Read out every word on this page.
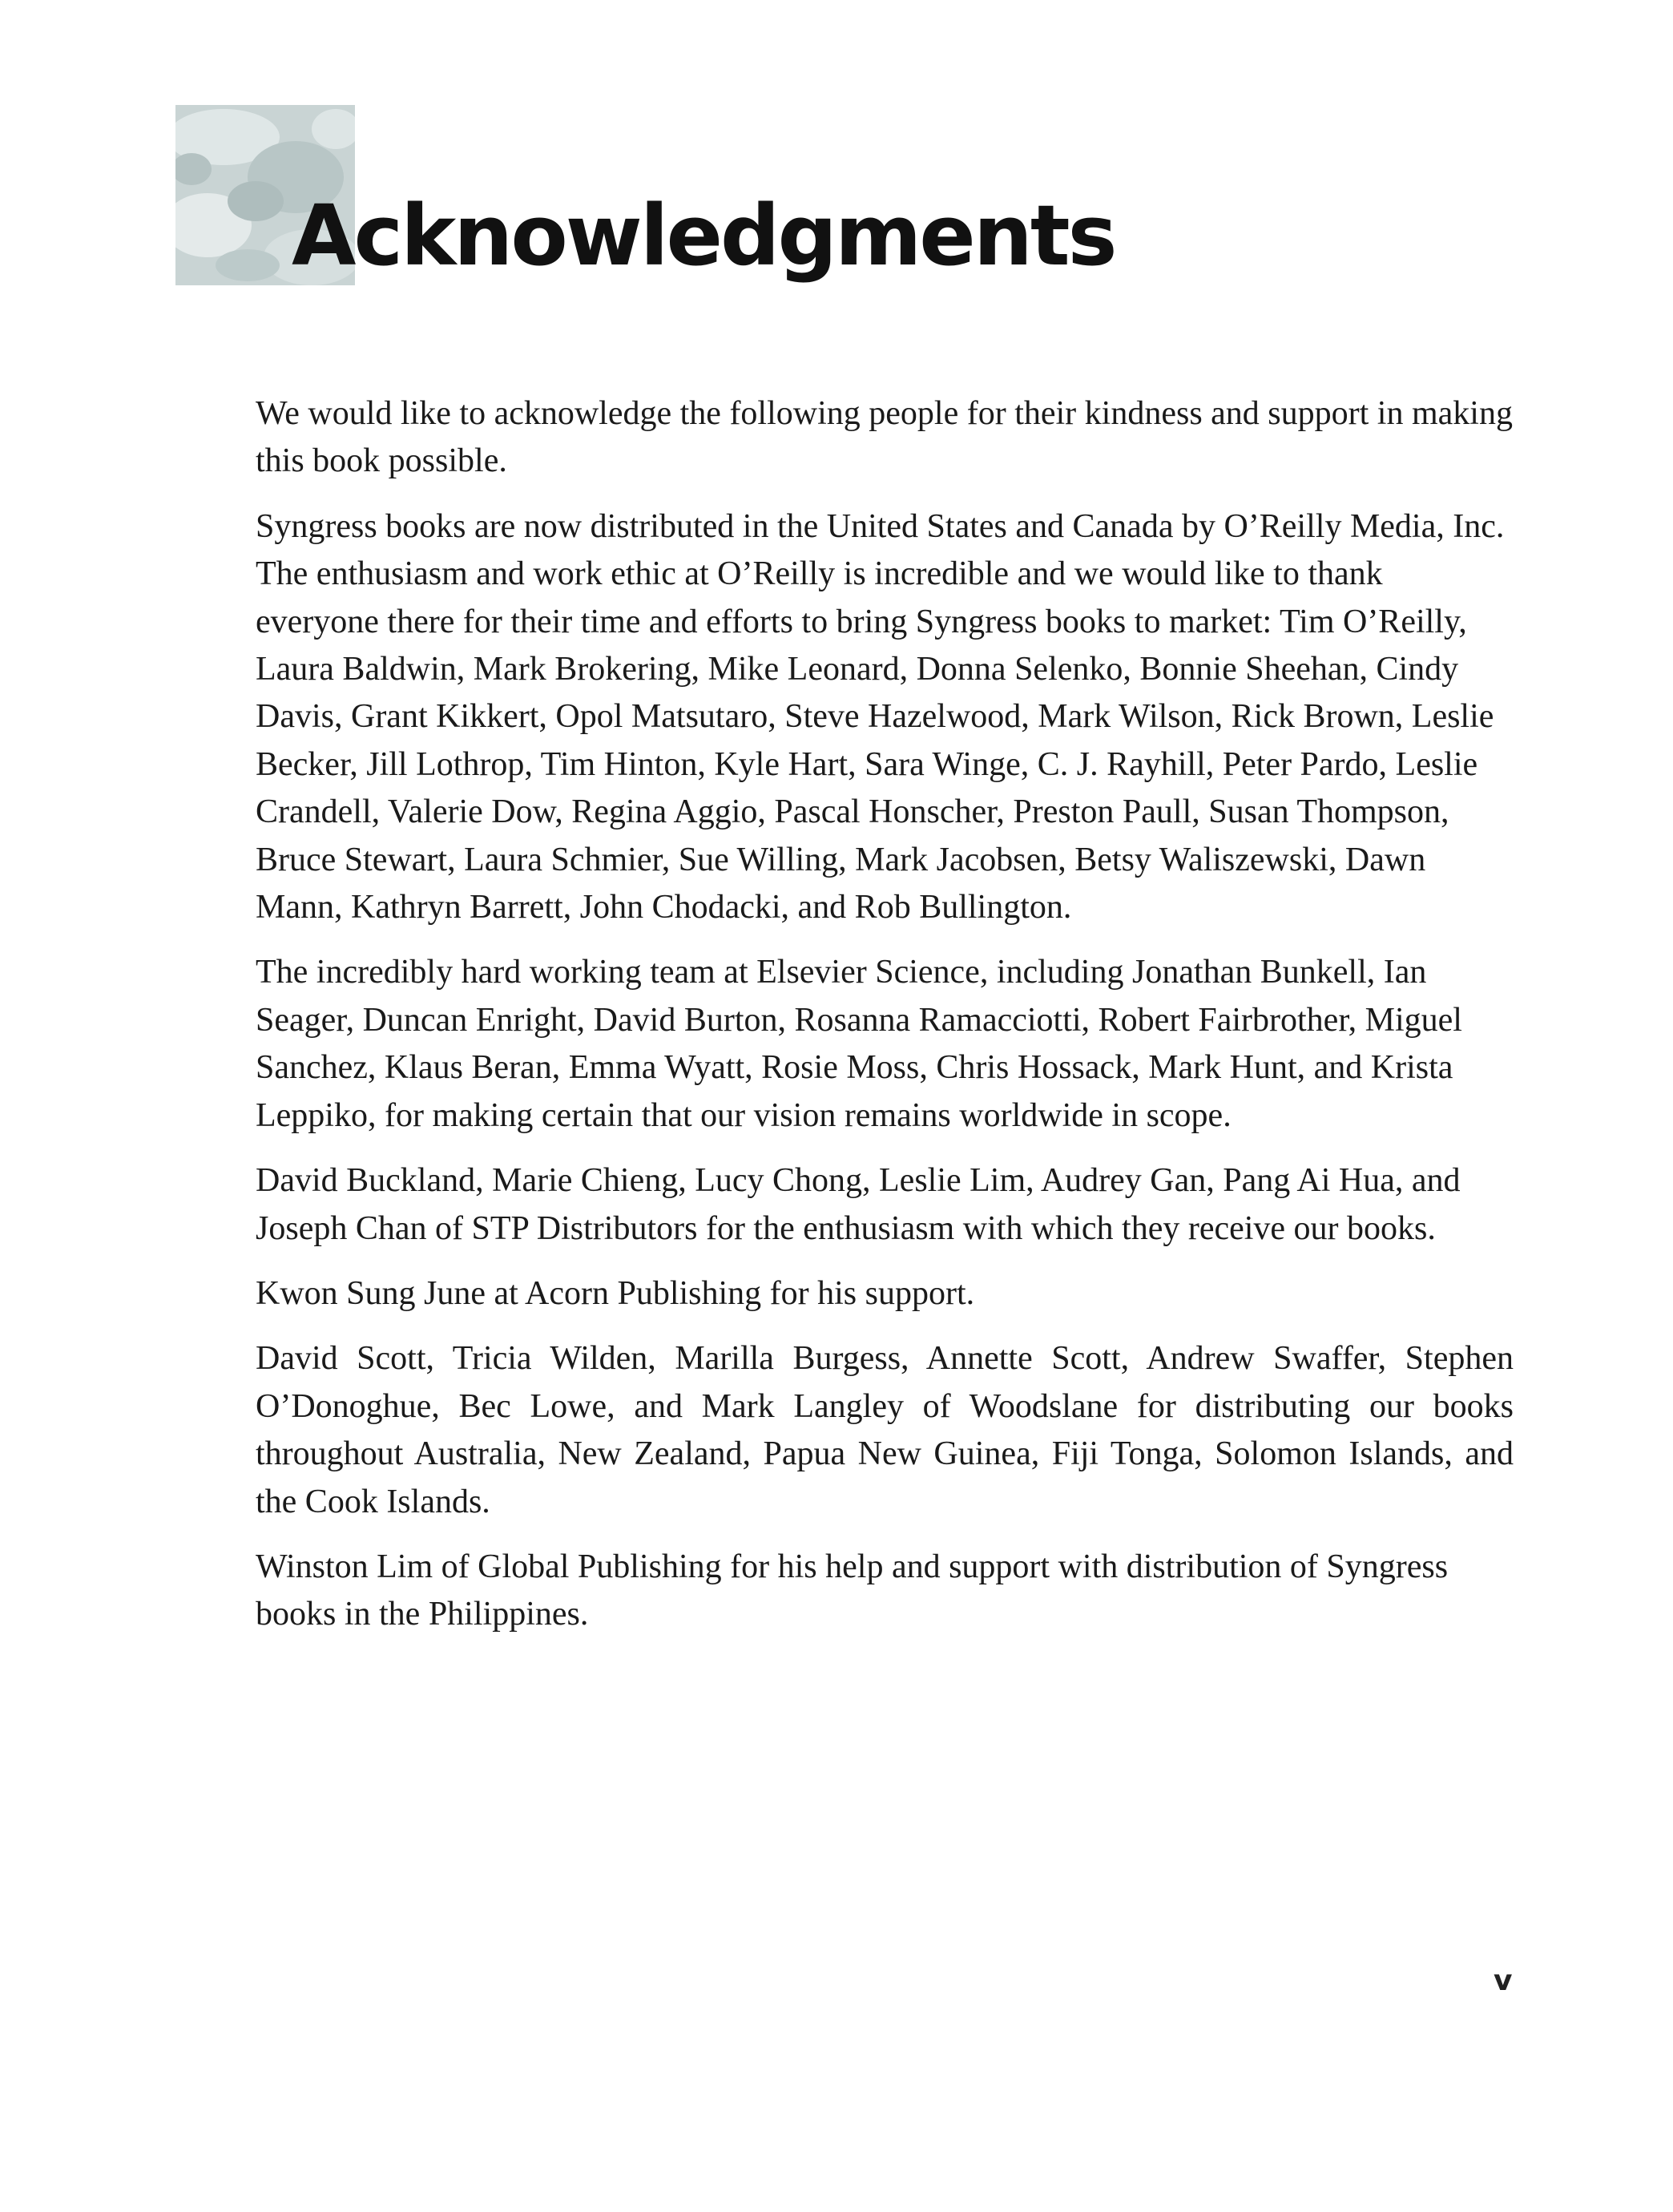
Acknowledgments

We would like to acknowledge the following people for their kindness and support in making this book possible.

Syngress books are now distributed in the United States and Canada by O’Reilly Media, Inc. The enthusiasm and work ethic at O’Reilly is incredible and we would like to thank everyone there for their time and efforts to bring Syngress books to market: Tim O’Reilly, Laura Baldwin, Mark Brokering, Mike Leonard, Donna Selenko, Bonnie Sheehan, Cindy Davis, Grant Kikkert, Opol Matsutaro, Steve Hazelwood, Mark Wilson, Rick Brown, Leslie Becker, Jill Lothrop, Tim Hinton, Kyle Hart, Sara Winge, C. J. Rayhill, Peter Pardo, Leslie Crandell, Valerie Dow, Regina Aggio, Pascal Honscher, Preston Paull, Susan Thompson, Bruce Stewart, Laura Schmier, Sue Willing, Mark Jacobsen, Betsy Waliszewski, Dawn Mann, Kathryn Barrett, John Chodacki, and Rob Bullington.

The incredibly hard working team at Elsevier Science, including Jonathan Bunkell, Ian Seager, Duncan Enright, David Burton, Rosanna Ramacciotti, Robert Fairbrother, Miguel Sanchez, Klaus Beran, Emma Wyatt, Rosie Moss, Chris Hossack, Mark Hunt, and Krista Leppiko, for making certain that our vision remains worldwide in scope.

David Buckland, Marie Chieng, Lucy Chong, Leslie Lim, Audrey Gan, Pang Ai Hua, and Joseph Chan of STP Distributors for the enthusiasm with which they receive our books.

Kwon Sung June at Acorn Publishing for his support.

David Scott, Tricia Wilden, Marilla Burgess, Annette Scott, Andrew Swaffer, Stephen O’Donoghue, Bec Lowe, and Mark Langley of Woodslane for distributing our books throughout Australia, New Zealand, Papua New Guinea, Fiji Tonga, Solomon Islands, and the Cook Islands.

Winston Lim of Global Publishing for his help and support with distribution of Syngress books in the Philippines.

v
